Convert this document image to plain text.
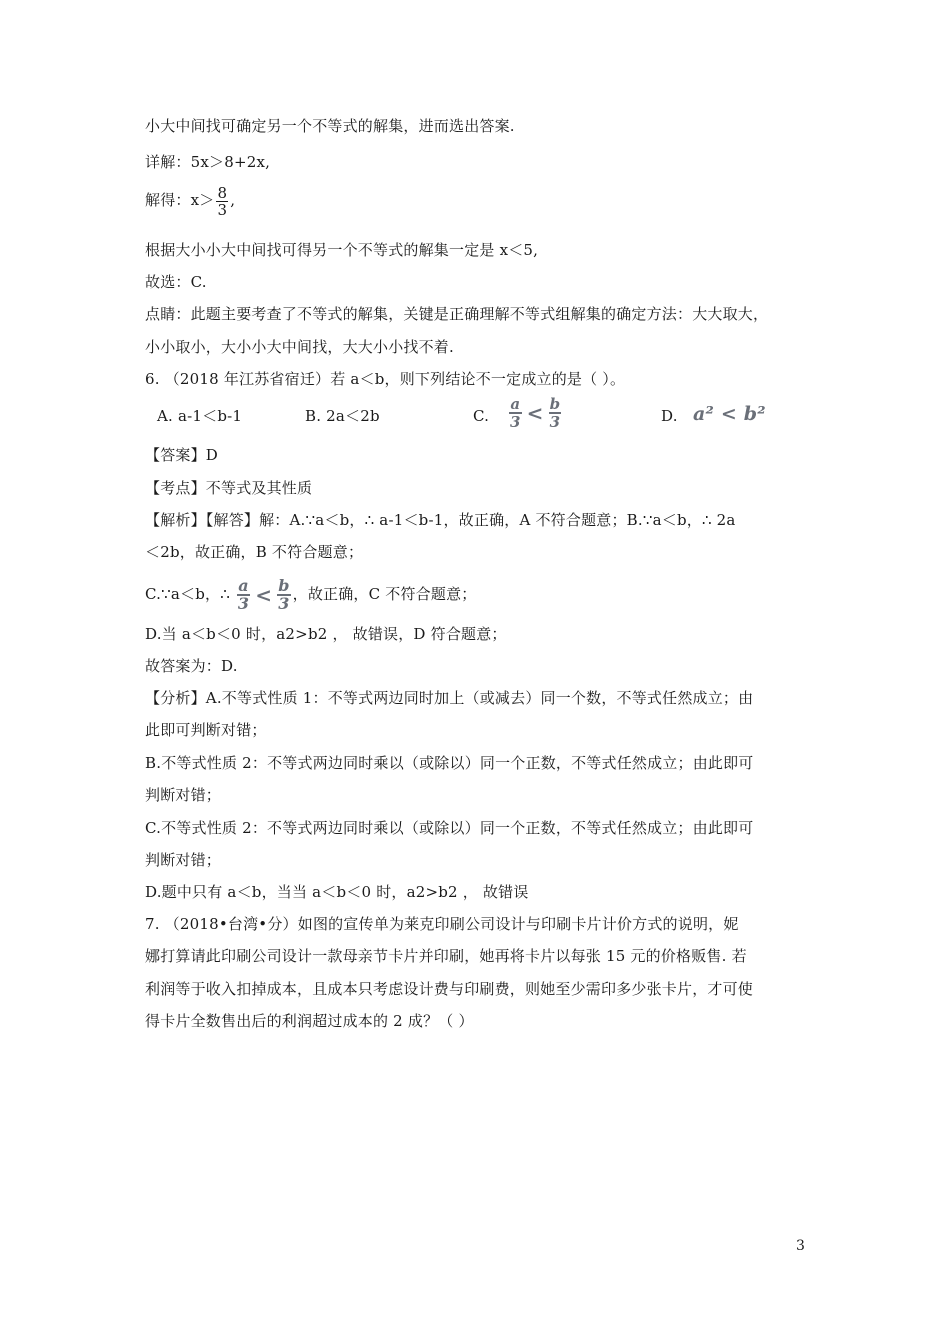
小大中间找可确定另一个不等式的解集，进而选出答案.
详解：5x＞8+2x,
解得：$x> \frac{8}{3}$ ,
根据大小小大中间找可得另一个不等式的解集一定是 x＜5,
故选：C.
点睛：此题主要考查了不等式的解集，关键是正确理解不等式组解集的确定方法：大大取大，
小小取小，大小小大中间找，大大小小找不着.
6. （2018 年江苏省宿迁）若 a＜b，则下列结论不一定成立的是（ ）。
A. a-1＜b-1	B. 2a＜2b	C. $\frac{a}{3} < \frac{b}{3}$	D. a² < b²
【答案】D
【考点】不等式及其性质
【解析】【解答】解：A.∵a＜b，∴ a-1＜b-1，故正确，A 不符合题意；B.∵a＜b，∴ 2a
＜2b，故正确，B 不符合题意；
C.∵a＜b，∴ $\frac{a}{3} < \frac{b}{3}$ ，故正确，C 不符合题意；
D.当 a＜b＜0 时，a2>b2 ， 故错误，D 符合题意；
故答案为：D.
【分析】A.不等式性质 1：不等式两边同时加上（或减去）同一个数，不等式任然成立；由
此即可判断对错；
B.不等式性质 2：不等式两边同时乘以（或除以）同一个正数，不等式任然成立；由此即可
判断对错；
C.不等式性质 2：不等式两边同时乘以（或除以）同一个正数，不等式任然成立；由此即可
判断对错；
D.题中只有 a＜b，当当 a＜b＜0 时，a2>b2 ， 故错误
7. （2018•台湾•分）如图的宣传单为莱克印刷公司设计与印刷卡片计价方式的说明，妮
娜打算请此印刷公司设计一款母亲节卡片并印刷，她再将卡片以每张 15 元的价格贩售. 若
利润等于收入扣掉成本，且成本只考虑设计费与印刷费，则她至少需印多少张卡片，才可使
得卡片全数售出后的利润超过成本的 2 成？（ ）
3
